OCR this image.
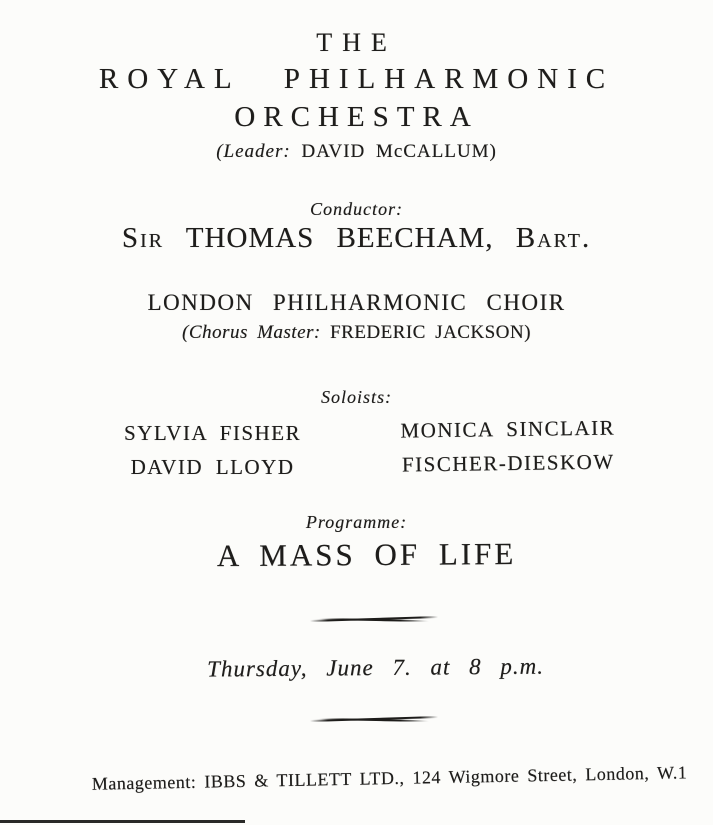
THE
ROYAL PHILHARMONIC
ORCHESTRA
(Leader: DAVID McCALLUM)
Conductor:
Sir THOMAS BEECHAM, Bart.
LONDON PHILHARMONIC CHOIR
(Chorus Master: FREDERIC JACKSON)
Soloists:
SYLVIA FISHER
DAVID LLOYD
MONICA SINCLAIR
FISCHER-DIESKOW
Programme:
A MASS OF LIFE
Thursday, June 7. at 8 p.m.
Management: IBBS & TILLETT LTD., 124 Wigmore Street, London, W.1
